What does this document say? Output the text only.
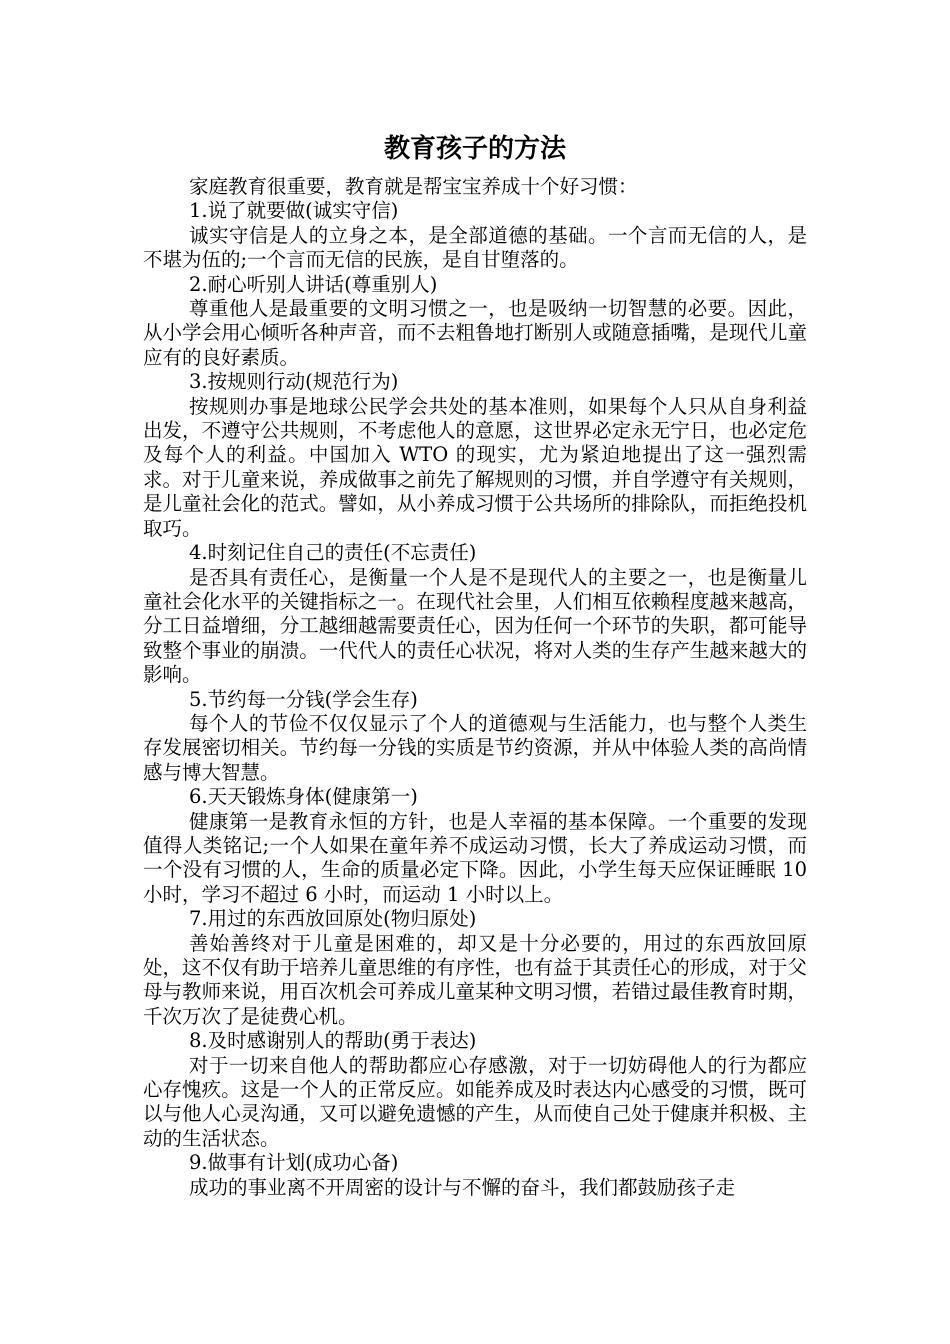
教育孩子的方法

家庭教育很重要，教育就是帮宝宝养成十个好习惯：

1.说了就要做(诚实守信)

诚实守信是人的立身之本，是全部道德的基础。一个言而无信的人，是不堪为伍的;一个言而无信的民族，是自甘堕落的。

2.耐心听别人讲话(尊重别人)

尊重他人是最重要的文明习惯之一，也是吸纳一切智慧的必要。因此，从小学会用心倾听各种声音，而不去粗鲁地打断别人或随意插嘴，是现代儿童应有的良好素质。

3.按规则行动(规范行为)

按规则办事是地球公民学会共处的基本准则，如果每个人只从自身利益出发，不遵守公共规则，不考虑他人的意愿，这世界必定永无宁日，也必定危及每个人的利益。中国加入 WTO 的现实，尤为紧迫地提出了这一强烈需求。对于儿童来说，养成做事之前先了解规则的习惯，并自学遵守有关规则，是儿童社会化的范式。譬如，从小养成习惯于公共场所的排除队，而拒绝投机取巧。

4.时刻记住自己的责任(不忘责任)

是否具有责任心，是衡量一个人是不是现代人的主要之一，也是衡量儿童社会化水平的关键指标之一。在现代社会里，人们相互依赖程度越来越高，分工日益增细，分工越细越需要责任心，因为任何一个环节的失职，都可能导致整个事业的崩溃。一代代人的责任心状况，将对人类的生存产生越来越大的影响。

5.节约每一分钱(学会生存)

每个人的节俭不仅仅显示了个人的道德观与生活能力，也与整个人类生存发展密切相关。节约每一分钱的实质是节约资源，并从中体验人类的高尚情感与博大智慧。

6.天天锻炼身体(健康第一)

健康第一是教育永恒的方针，也是人幸福的基本保障。一个重要的发现值得人类铭记;一个人如果在童年养不成运动习惯，长大了养成运动习惯，而一个没有习惯的人，生命的质量必定下降。因此，小学生每天应保证睡眠 10 小时，学习不超过 6 小时，而运动 1 小时以上。

7.用过的东西放回原处(物归原处)

善始善终对于儿童是困难的，却又是十分必要的，用过的东西放回原处，这不仅有助于培养儿童思维的有序性，也有益于其责任心的形成，对于父母与教师来说，用百次机会可养成儿童某种文明习惯，若错过最佳教育时期，千次万次了是徒费心机。

8.及时感谢别人的帮助(勇于表达)

对于一切来自他人的帮助都应心存感激，对于一切妨碍他人的行为都应心存愧疚。这是一个人的正常反应。如能养成及时表达内心感受的习惯，既可以与他人心灵沟通，又可以避免遗憾的产生，从而使自己处于健康并积极、主动的生活状态。

9.做事有计划(成功心备)

成功的事业离不开周密的设计与不懈的奋斗，我们都鼓励孩子走
